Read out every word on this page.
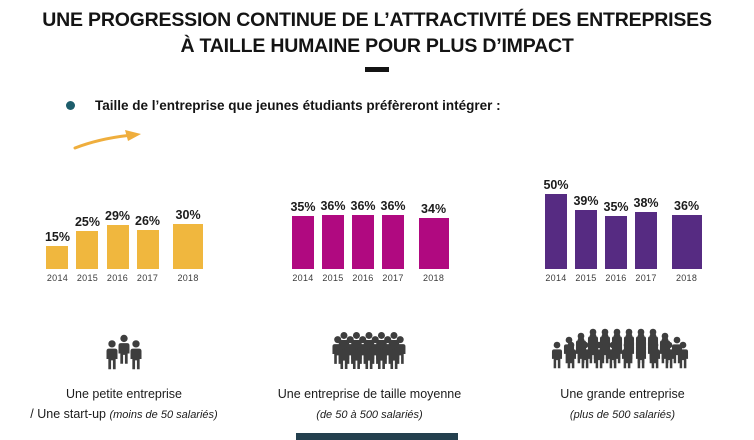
UNE PROGRESSION CONTINUE DE L’ATTRACTIVITÉ DES ENTREPRISES
À TAILLE HUMAINE POUR PLUS D’IMPACT
Taille de l’entreprise que jeunes étudiants préfèreront intégrer :
15%
2014
25%
2015
29%
2016
26%
2017
30%
2018
Une petite entreprise
/ Une start-up (moins de 50 salariés)
35%
2014
36%
2015
36%
2016
36%
2017
34%
2018
Une entreprise de taille moyenne
(de 50 à 500 salariés)
50%
2014
39%
2015
35%
2016
38%
2017
36%
2018
Une grande entreprise
(plus de 500 salariés)
